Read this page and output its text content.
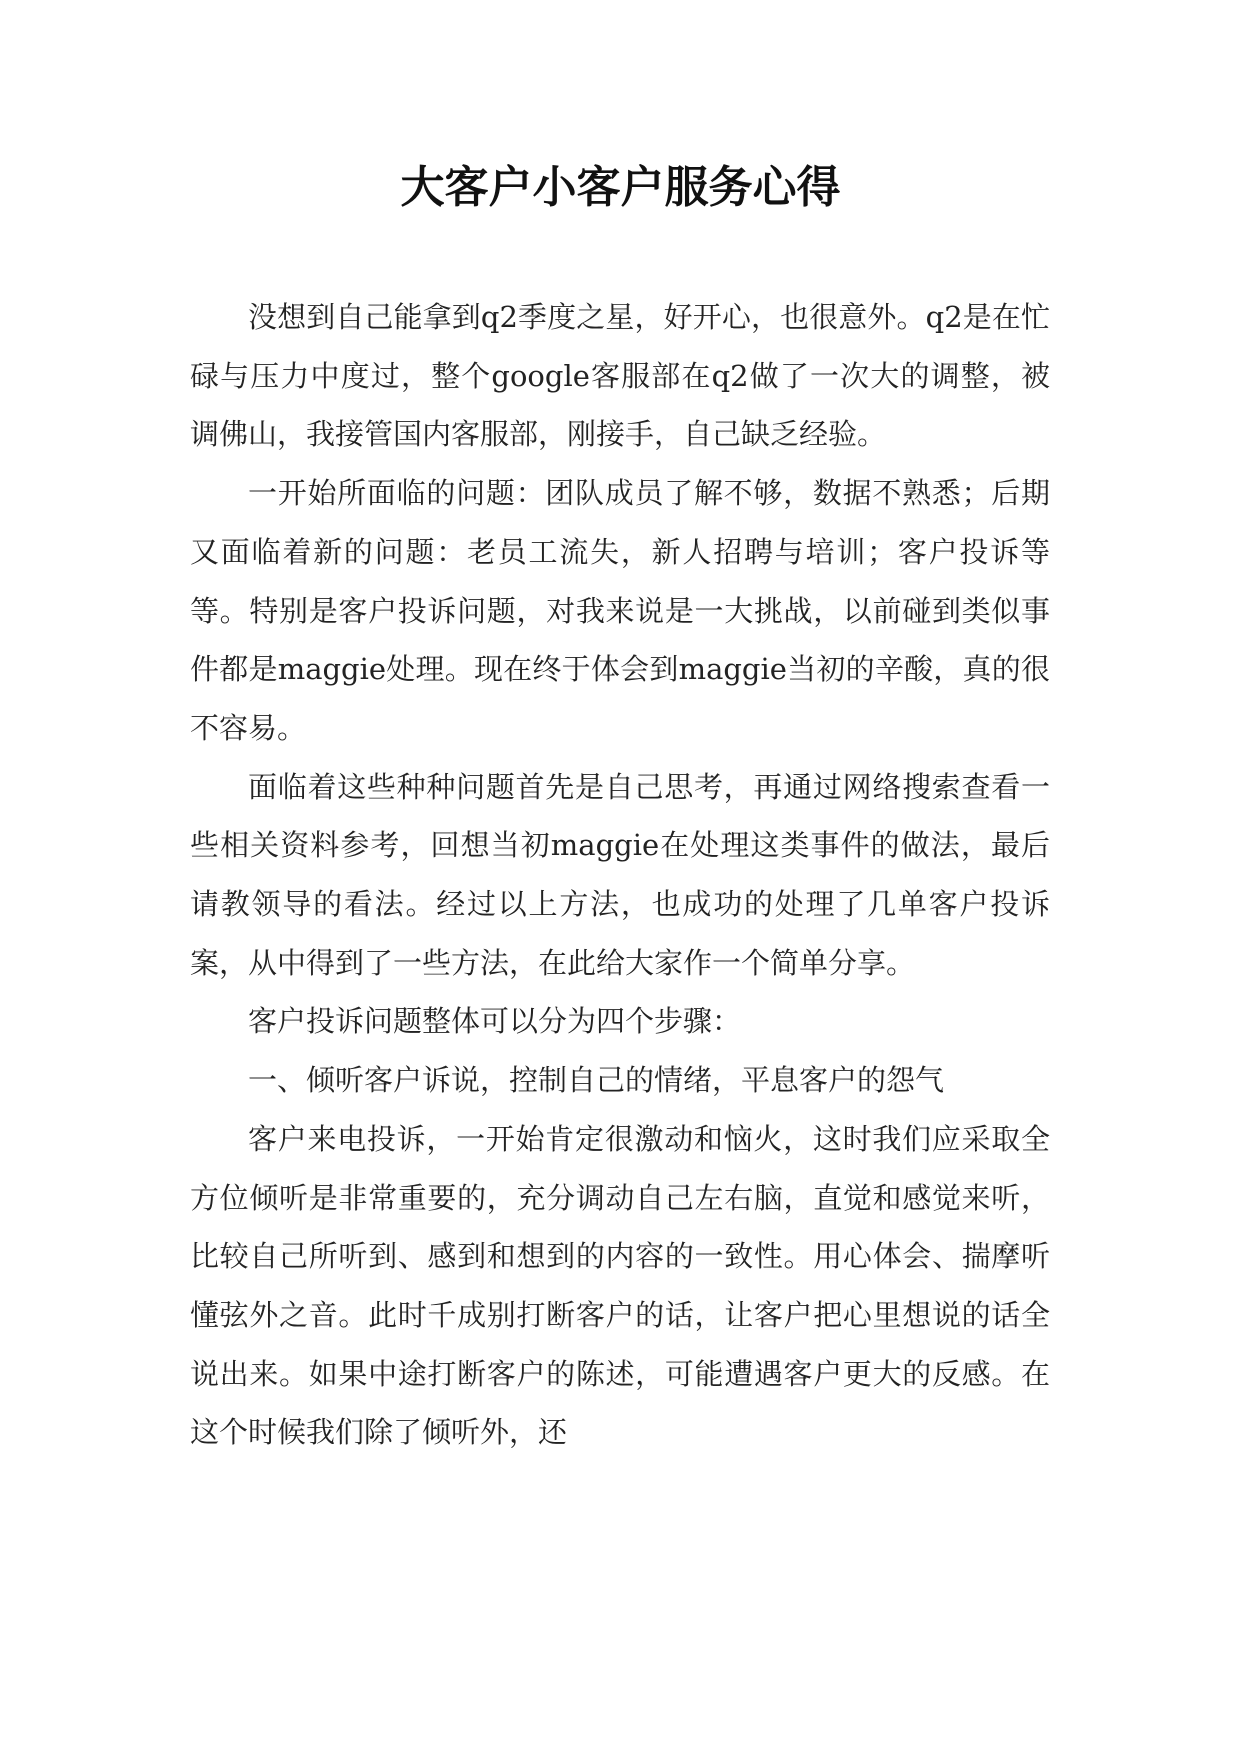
大客户小客户服务心得

没想到自己能拿到q2季度之星，好开心，也很意外。q2是在忙碌与压力中度过，整个google客服部在q2做了一次大的调整，被调佛山，我接管国内客服部，刚接手，自己缺乏经验。

一开始所面临的问题：团队成员了解不够，数据不熟悉；后期又面临着新的问题：老员工流失，新人招聘与培训；客户投诉等等。特别是客户投诉问题，对我来说是一大挑战，以前碰到类似事件都是maggie处理。现在终于体会到maggie当初的辛酸，真的很不容易。

面临着这些种种问题首先是自己思考，再通过网络搜索查看一些相关资料参考，回想当初maggie在处理这类事件的做法，最后请教领导的看法。经过以上方法，也成功的处理了几单客户投诉案，从中得到了一些方法，在此给大家作一个简单分享。

客户投诉问题整体可以分为四个步骤：

一、倾听客户诉说，控制自己的情绪，平息客户的怨气

客户来电投诉，一开始肯定很激动和恼火，这时我们应采取全方位倾听是非常重要的，充分调动自己左右脑，直觉和感觉来听，比较自己所听到、感到和想到的内容的一致性。用心体会、揣摩听懂弦外之音。此时千成别打断客户的话，让客户把心里想说的话全说出来。如果中途打断客户的陈述，可能遭遇客户更大的反感。在这个时候我们除了倾听外，还
